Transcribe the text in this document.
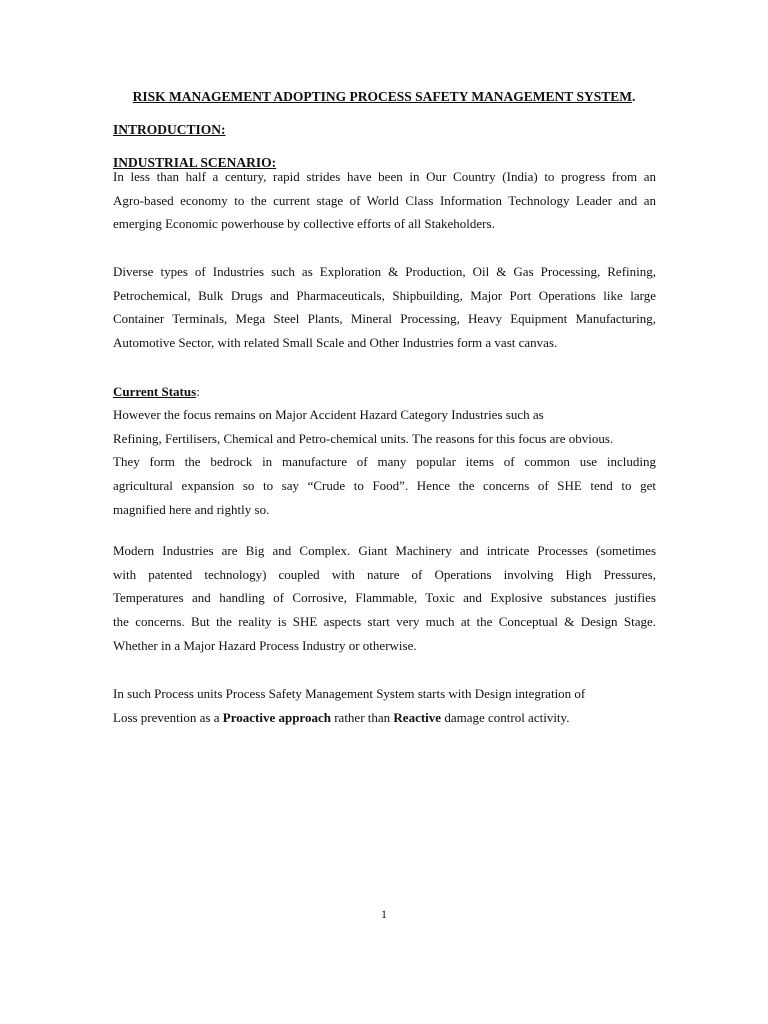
RISK MANAGEMENT ADOPTING PROCESS SAFETY MANAGEMENT SYSTEM.
INTRODUCTION:
INDUSTRIAL SCENARIO:
In less than half a century, rapid strides have been in Our Country (India) to progress from an
Agro-based economy to the current stage of World Class Information Technology Leader and an
emerging Economic powerhouse by collective efforts of all Stakeholders.
Diverse types of Industries such as Exploration & Production, Oil & Gas Processing, Refining,
Petrochemical, Bulk Drugs and Pharmaceuticals, Shipbuilding, Major Port Operations like large
Container Terminals, Mega Steel Plants, Mineral Processing, Heavy Equipment Manufacturing,
Automotive Sector, with related Small Scale and Other Industries form a vast canvas.
Current Status:
However the focus remains on Major Accident Hazard Category Industries such as
Refining, Fertilisers, Chemical and Petro-chemical units. The reasons for this focus are obvious.
They form the bedrock in manufacture of many popular items of common use including
agricultural expansion so to say “Crude to Food”. Hence the concerns of SHE tend to get
magnified here and rightly so.
Modern Industries are Big and Complex. Giant Machinery and intricate Processes (sometimes
with patented technology) coupled with nature of Operations involving High Pressures,
Temperatures and handling of Corrosive, Flammable, Toxic and Explosive substances justifies
the concerns. But the reality is SHE aspects start very much at the Conceptual & Design Stage.
Whether in a Major Hazard Process Industry or otherwise.
In such Process units Process Safety Management System starts with Design integration of
Loss prevention as a Proactive approach rather than Reactive damage control activity.
1
